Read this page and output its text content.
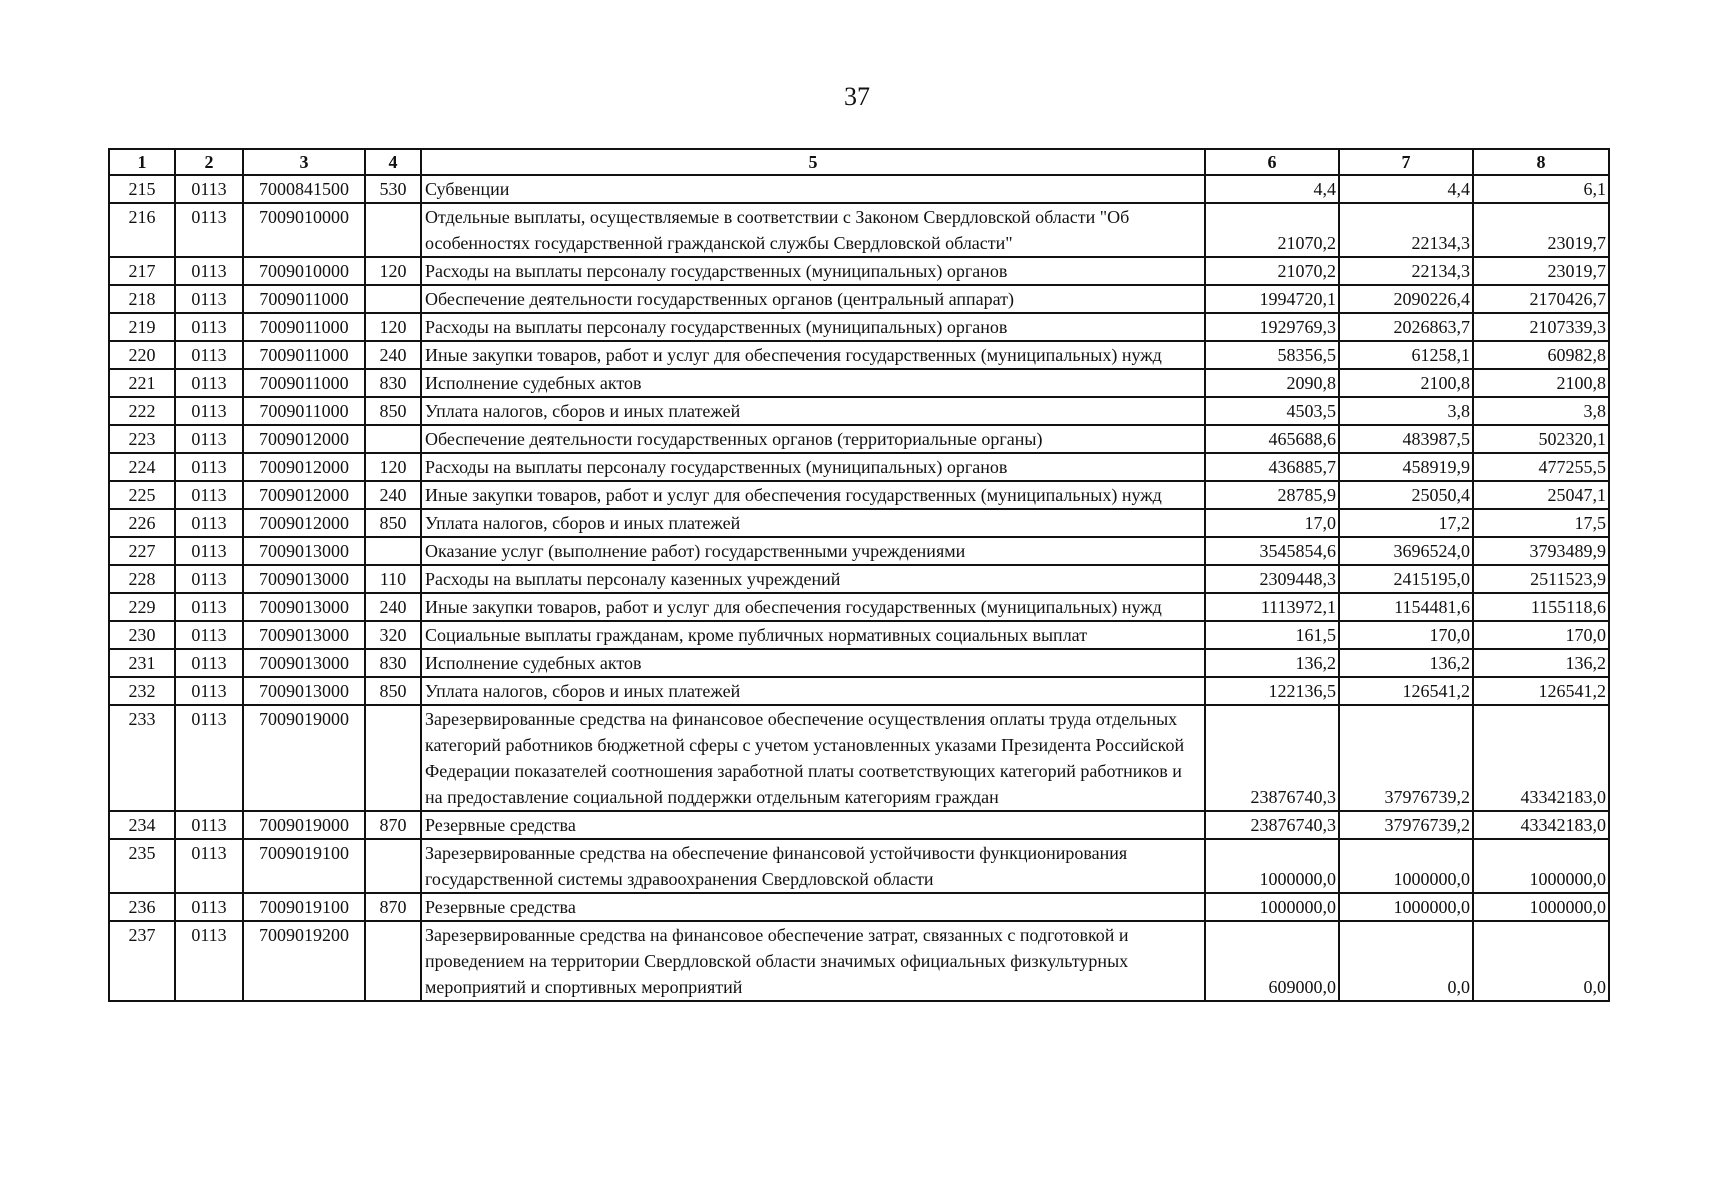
37
1	2	3	4	5	6	7	8
215	0113	7000841500	530	Субвенции	4,4	4,4	6,1
216	0113	7009010000		Отдельные выплаты, осуществляемые в соответствии с Законом Свердловской области "Об особенностях государственной гражданской службы Свердловской области"	21070,2	22134,3	23019,7
217	0113	7009010000	120	Расходы на выплаты персоналу государственных (муниципальных) органов	21070,2	22134,3	23019,7
218	0113	7009011000		Обеспечение деятельности государственных органов (центральный аппарат)	1994720,1	2090226,4	2170426,7
219	0113	7009011000	120	Расходы на выплаты персоналу государственных (муниципальных) органов	1929769,3	2026863,7	2107339,3
220	0113	7009011000	240	Иные закупки товаров, работ и услуг для обеспечения государственных (муниципальных) нужд	58356,5	61258,1	60982,8
221	0113	7009011000	830	Исполнение судебных актов	2090,8	2100,8	2100,8
222	0113	7009011000	850	Уплата налогов, сборов и иных платежей	4503,5	3,8	3,8
223	0113	7009012000		Обеспечение деятельности государственных органов (территориальные органы)	465688,6	483987,5	502320,1
224	0113	7009012000	120	Расходы на выплаты персоналу государственных (муниципальных) органов	436885,7	458919,9	477255,5
225	0113	7009012000	240	Иные закупки товаров, работ и услуг для обеспечения государственных (муниципальных) нужд	28785,9	25050,4	25047,1
226	0113	7009012000	850	Уплата налогов, сборов и иных платежей	17,0	17,2	17,5
227	0113	7009013000		Оказание услуг (выполнение работ) государственными учреждениями	3545854,6	3696524,0	3793489,9
228	0113	7009013000	110	Расходы на выплаты персоналу казенных учреждений	2309448,3	2415195,0	2511523,9
229	0113	7009013000	240	Иные закупки товаров, работ и услуг для обеспечения государственных (муниципальных) нужд	1113972,1	1154481,6	1155118,6
230	0113	7009013000	320	Социальные выплаты гражданам, кроме публичных нормативных социальных выплат	161,5	170,0	170,0
231	0113	7009013000	830	Исполнение судебных актов	136,2	136,2	136,2
232	0113	7009013000	850	Уплата налогов, сборов и иных платежей	122136,5	126541,2	126541,2
233	0113	7009019000		Зарезервированные средства на финансовое обеспечение осуществления оплаты труда отдельных категорий работников бюджетной сферы с учетом установленных указами Президента Российской Федерации показателей соотношения заработной платы соответствующих категорий работников и на предоставление социальной поддержки отдельным категориям граждан	23876740,3	37976739,2	43342183,0
234	0113	7009019000	870	Резервные средства	23876740,3	37976739,2	43342183,0
235	0113	7009019100		Зарезервированные средства на обеспечение финансовой устойчивости функционирования государственной системы здравоохранения Свердловской области	1000000,0	1000000,0	1000000,0
236	0113	7009019100	870	Резервные средства	1000000,0	1000000,0	1000000,0
237	0113	7009019200		Зарезервированные средства на финансовое обеспечение затрат, связанных с подготовкой и проведением на территории Свердловской области значимых официальных физкультурных мероприятий и спортивных мероприятий	609000,0	0,0	0,0
